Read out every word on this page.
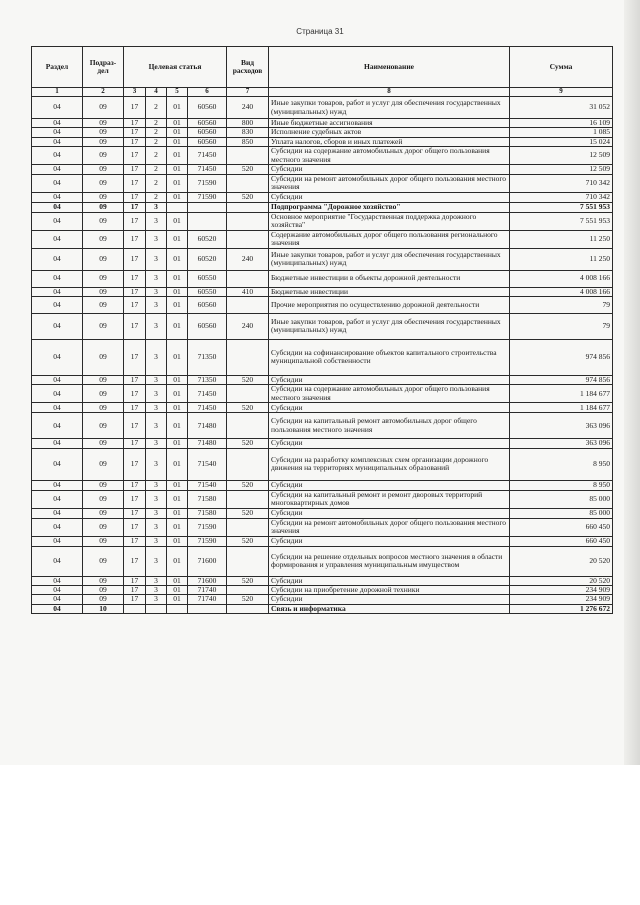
Страница 31
Раздел	Подраз-дел	Целевая статья				Вид расходов	Наименование	Сумма
1	2	3	4	5	6	7	8	9
04	09	17	2	01	60560	240	Иные закупки товаров, работ и услуг для обеспечения государственных (муниципальных) нужд	31 052
04	09	17	2	01	60560	800	Иные бюджетные ассигнования	16 109
04	09	17	2	01	60560	830	Исполнение судебных актов	1 085
04	09	17	2	01	60560	850	Уплата налогов, сборов и иных платежей	15 024
04	09	17	2	01	71450		Субсидии на содержание автомобильных дорог общего пользования местного значения	12 509
04	09	17	2	01	71450	520	Субсидии	12 509
04	09	17	2	01	71590		Субсидии на ремонт автомобильных дорог общего пользования местного значения	710 342
04	09	17	2	01	71590	520	Субсидии	710 342
04	09	17	3				Подпрограмма "Дорожное хозяйство"	7 551 953
04	09	17	3	01			Основное мероприятие "Государственная поддержка дорожного хозяйства"	7 551 953
04	09	17	3	01	60520		Содержание автомобильных дорог общего пользования регионального значения	11 250
04	09	17	3	01	60520	240	Иные закупки товаров, работ и услуг для обеспечения государственных (муниципальных) нужд	11 250
04	09	17	3	01	60550		Бюджетные инвестиции в объекты дорожной деятельности	4 008 166
04	09	17	3	01	60550	410	Бюджетные инвестиции	4 008 166
04	09	17	3	01	60560		Прочие мероприятия по осуществлению дорожной деятельности	79
04	09	17	3	01	60560	240	Иные закупки товаров, работ и услуг для обеспечения государственных (муниципальных) нужд	79
04	09	17	3	01	71350		Субсидии на софинансирование объектов капитального строительства муниципальной собственности	974 856
04	09	17	3	01	71350	520	Субсидии	974 856
04	09	17	3	01	71450		Субсидии на содержание автомобильных дорог общего пользования местного значения	1 184 677
04	09	17	3	01	71450	520	Субсидии	1 184 677
04	09	17	3	01	71480		Субсидии на капитальный ремонт автомобильных дорог общего пользования местного значения	363 096
04	09	17	3	01	71480	520	Субсидии	363 096
04	09	17	3	01	71540		Субсидии на разработку комплексных схем организации дорожного движения на территориях муниципальных образований	8 950
04	09	17	3	01	71540	520	Субсидии	8 950
04	09	17	3	01	71580		Субсидии на капитальный ремонт и ремонт дворовых территорий многоквартирных домов	85 000
04	09	17	3	01	71580	520	Субсидии	85 000
04	09	17	3	01	71590		Субсидии на ремонт автомобильных дорог общего пользования местного значения	660 450
04	09	17	3	01	71590	520	Субсидии	660 450
04	09	17	3	01	71600		Субсидии на решение отдельных вопросов местного значения в области формирования и управления муниципальным имуществом	20 520
04	09	17	3	01	71600	520	Субсидии	20 520
04	09	17	3	01	71740		Субсидии на приобретение дорожной техники	234 909
04	09	17	3	01	71740	520	Субсидии	234 909
04	10						Связь и информатика	1 276 672
